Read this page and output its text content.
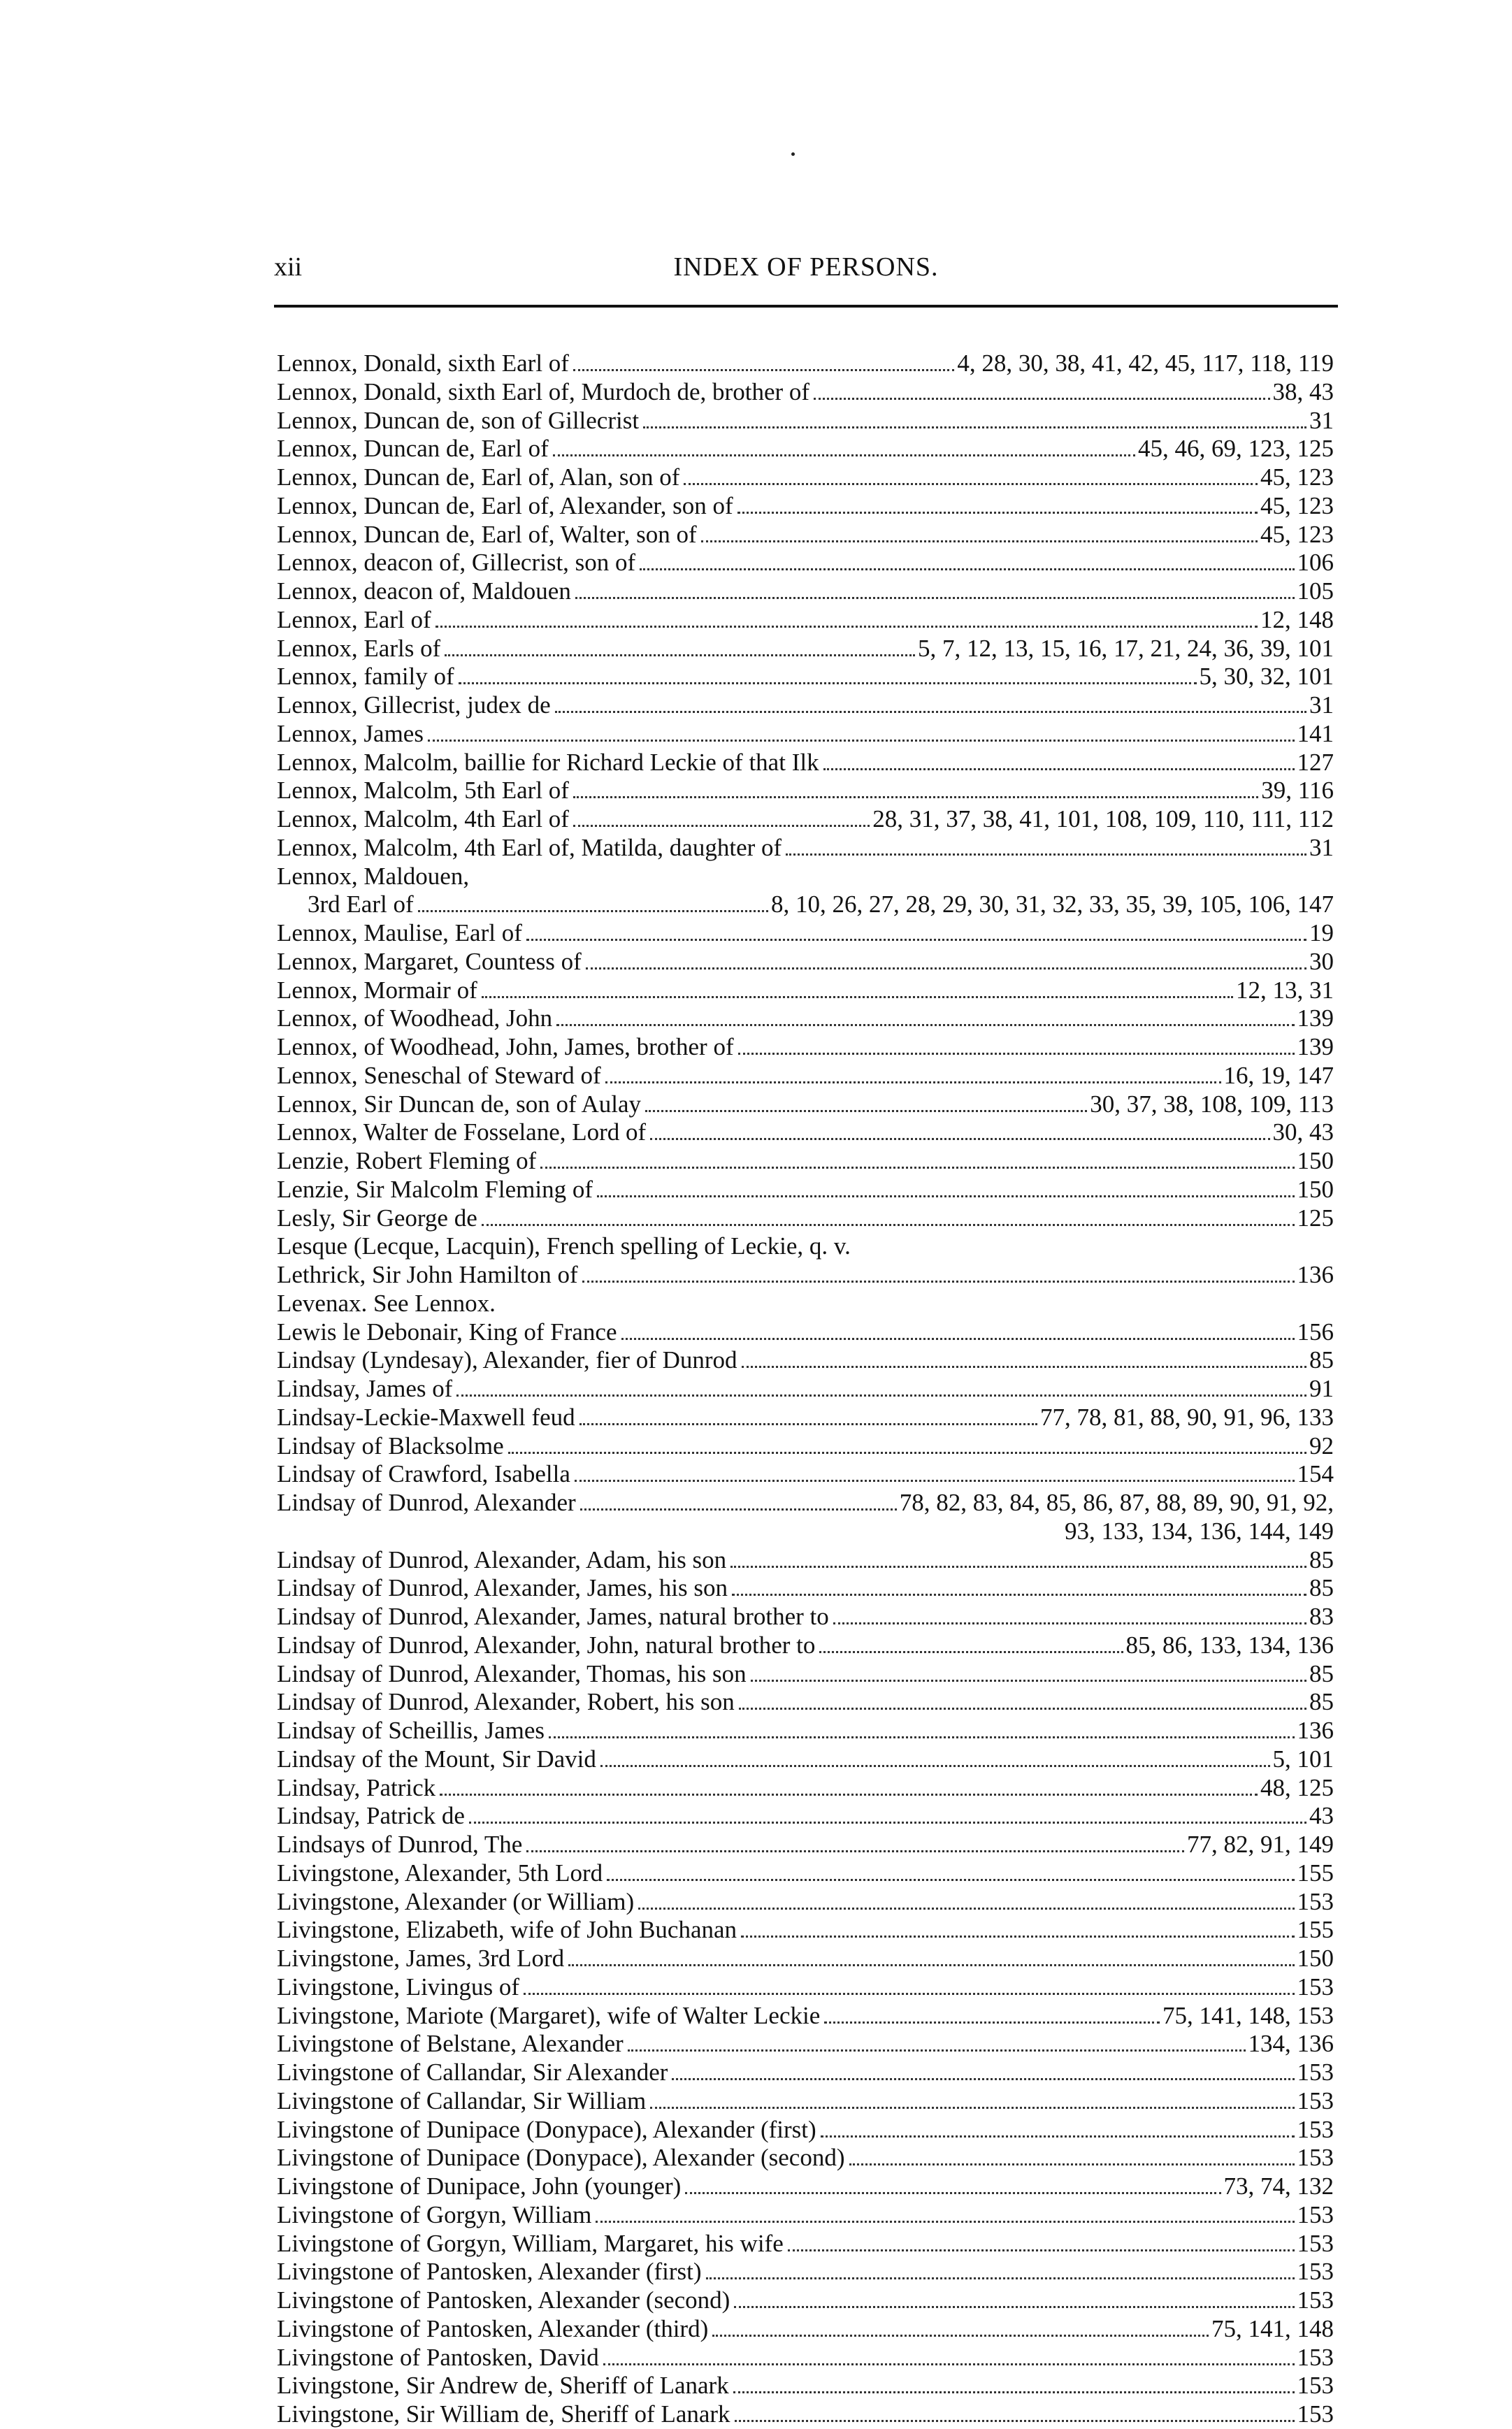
xii	INDEX OF PERSONS.
Lennox, Donald, sixth Earl of	4, 28, 30, 38, 41, 42, 45, 117, 118, 119
Lennox, Donald, sixth Earl of, Murdoch de, brother of	38, 43
Lennox, Duncan de, son of Gillecrist	31
Lennox, Duncan de, Earl of	45, 46, 69, 123, 125
Lennox, Duncan de, Earl of, Alan, son of	45, 123
Lennox, Duncan de, Earl of, Alexander, son of	45, 123
Lennox, Duncan de, Earl of, Walter, son of	45, 123
Lennox, deacon of, Gillecrist, son of	106
Lennox, deacon of, Maldouen	105
Lennox, Earl of	12, 148
Lennox, Earls of	5, 7, 12, 13, 15, 16, 17, 21, 24, 36, 39, 101
Lennox, family of	5, 30, 32, 101
Lennox, Gillecrist, judex de	31
Lennox, James	141
Lennox, Malcolm, baillie for Richard Leckie of that Ilk	127
Lennox, Malcolm, 5th Earl of	39, 116
Lennox, Malcolm, 4th Earl of	28, 31, 37, 38, 41, 101, 108, 109, 110, 111, 112
Lennox, Malcolm, 4th Earl of, Matilda, daughter of	31
Lennox, Maldouen,
3rd Earl of	8, 10, 26, 27, 28, 29, 30, 31, 32, 33, 35, 39, 105, 106, 147
Lennox, Maulise, Earl of	19
Lennox, Margaret, Countess of	30
Lennox, Mormair of	12, 13, 31
Lennox, of Woodhead, John	139
Lennox, of Woodhead, John, James, brother of	139
Lennox, Seneschal of Steward of	16, 19, 147
Lennox, Sir Duncan de, son of Aulay	30, 37, 38, 108, 109, 113
Lennox, Walter de Fosselane, Lord of	30, 43
Lenzie, Robert Fleming of	150
Lenzie, Sir Malcolm Fleming of	150
Lesly, Sir George de	125
Lesque (Lecque, Lacquin), French spelling of Leckie, q. v.
Lethrick, Sir John Hamilton of	136
Levenax. See Lennox.
Lewis le Debonair, King of France	156
Lindsay (Lyndesay), Alexander, fier of Dunrod	85
Lindsay, James of	91
Lindsay-Leckie-Maxwell feud	77, 78, 81, 88, 90, 91, 96, 133
Lindsay of Blacksolme	92
Lindsay of Crawford, Isabella	154
Lindsay of Dunrod, Alexander	78, 82, 83, 84, 85, 86, 87, 88, 89, 90, 91, 92,
93, 133, 134, 136, 144, 149
Lindsay of Dunrod, Alexander, Adam, his son	85
Lindsay of Dunrod, Alexander, James, his son	85
Lindsay of Dunrod, Alexander, James, natural brother to	83
Lindsay of Dunrod, Alexander, John, natural brother to	85, 86, 133, 134, 136
Lindsay of Dunrod, Alexander, Thomas, his son	85
Lindsay of Dunrod, Alexander, Robert, his son	85
Lindsay of Scheillis, James	136
Lindsay of the Mount, Sir David	5, 101
Lindsay, Patrick	48, 125
Lindsay, Patrick de	43
Lindsays of Dunrod, The	77, 82, 91, 149
Livingstone, Alexander, 5th Lord	155
Livingstone, Alexander (or William)	153
Livingstone, Elizabeth, wife of John Buchanan	155
Livingstone, James, 3rd Lord	150
Livingstone, Livingus of	153
Livingstone, Mariote (Margaret), wife of Walter Leckie	75, 141, 148, 153
Livingstone of Belstane, Alexander	134, 136
Livingstone of Callandar, Sir Alexander	153
Livingstone of Callandar, Sir William	153
Livingstone of Dunipace (Donypace), Alexander (first)	153
Livingstone of Dunipace (Donypace), Alexander (second)	153
Livingstone of Dunipace, John (younger)	73, 74, 132
Livingstone of Gorgyn, William	153
Livingstone of Gorgyn, William, Margaret, his wife	153
Livingstone of Pantosken, Alexander (first)	153
Livingstone of Pantosken, Alexander (second)	153
Livingstone of Pantosken, Alexander (third)	75, 141, 148
Livingstone of Pantosken, David	153
Livingstone, Sir Andrew de, Sheriff of Lanark	153
Livingstone, Sir William de, Sheriff of Lanark	153
